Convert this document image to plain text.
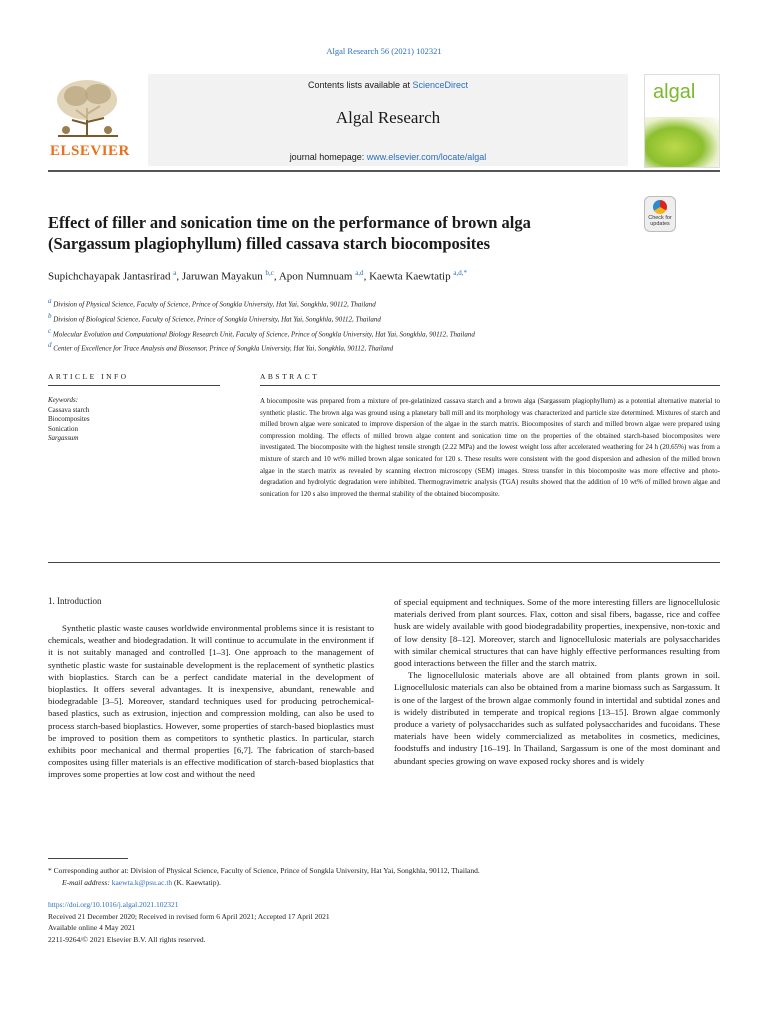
Algal Research 56 (2021) 102321
ELSEVIER
Contents lists available at ScienceDirect
Algal Research
journal homepage: www.elsevier.com/locate/algal
algal
Effect of filler and sonication time on the performance of brown alga (Sargassum plagiophyllum) filled cassava starch biocomposites
Check for updates
Supichchayapak Jantasrirad $^a$, Jaruwan Mayakun $^{b,c}$, Apon Numnuam $^{a,d}$, Kaewta Kaewtatip $^{a,d,*}$
$^a$ Division of Physical Science, Faculty of Science, Prince of Songkla University, Hat Yai, Songkhla, 90112, Thailand
$^b$ Division of Biological Science, Faculty of Science, Prince of Songkla University, Hat Yai, Songkhla, 90112, Thailand
$^c$ Molecular Evolution and Computational Biology Research Unit, Faculty of Science, Prince of Songkla University, Hat Yai, Songkhla, 90112, Thailand
$^d$ Center of Excellence for Trace Analysis and Biosensor, Prince of Songkla University, Hat Yai, Songkhla, 90112, Thailand
ARTICLE INFO	ABSTRACT
Keywords:
Cassava starch
Biocomposites
Sonication
Sargassum
A biocomposite was prepared from a mixture of pre-gelatinized cassava starch and a brown alga (Sargassum plagiophyllum) as a potential alternative material to synthetic plastic. The brown alga was ground using a planetary ball mill and its morphology was characterized and particle size determined. Mixtures of starch and milled brown algae were sonicated to improve dispersion of the algae in the starch matrix. Biocomposites of starch and milled brown algae were prepared using compression molding. The effects of milled brown algae content and sonication time on the properties of the obtained starch-based biocomposites were investigated. The biocomposite with the highest tensile strength (2.22 MPa) and the lowest weight loss after accelerated weathering for 24 h (20.65%) was from a mixture of starch and 10 wt% milled brown algae sonicated for 120 s. These results were consistent with the good dispersion and adhesion of the milled brown algae in the starch matrix as revealed by scanning electron microscopy (SEM) images. Stress transfer in this biocomposite was more effective and photo-degradation and hydrolytic degradation were inhibited. Thermogravimetric analysis (TGA) results showed that the addition of 10 wt% of milled brown algae and sonication for 120 s also improved the thermal stability of the obtained biocomposite.
1. Introduction

Synthetic plastic waste causes worldwide environmental problems since it is resistant to chemicals, weather and biodegradation. It will continue to accumulate in the environment if it is not suitably managed and controlled [1–3]. One approach to the management of synthetic plastic waste for sustainable development is the replacement of synthetic plastics with bioplastics. Starch can be a perfect candidate material in the development of bioplastics. It offers several advantages. It is inexpensive, abundant, renewable and biodegradable [3–5]. Moreover, standard techniques used for producing petrochemical-based plastics, such as extrusion, injection and compression molding, can also be used to process starch-based bioplastics. However, some properties of starch-based bioplastics must be improved to position them as competitors to synthetic plastics. In particular, starch exhibits poor mechanical and thermal properties [6,7]. The fabrication of starch-based composites using filler materials is an effective modification of starch-based bioplastics that improves some properties at low cost and without the need

of special equipment and techniques. Some of the more interesting fillers are lignocellulosic materials derived from plant sources. Flax, cotton and sisal fibers, bagasse, rice and coffee husk are widely available with good biodegradability properties, inexpensive, non-toxic and of low density [8–12]. Moreover, starch and lignocellulosic materials are polysaccharides with similar chemical structures that can have highly effective performances resulting from good interactions between the filler and the starch matrix.

The lignocellulosic materials above are all obtained from plants grown in soil. Lignocellulosic materials can also be obtained from a marine biomass such as Sargassum. It is one of the largest of the brown algae commonly found in intertidal and subtidal zones and is widely distributed in temperate and tropical regions [13–15]. Brown algae commonly produce a variety of polysaccharides such as sulfated polysaccharides and fucoidans. These materials have been widely commercialized as metabolites in cosmetics, medicines, foodstuffs and industry [16–19]. In Thailand, Sargassum is one of the most dominant and abundant species growing on wave exposed rocky shores and is widely

* Corresponding author at: Division of Physical Science, Faculty of Science, Prince of Songkla University, Hat Yai, Songkhla, 90112, Thailand.
E-mail address: kaewta.k@psu.ac.th (K. Kaewtatip).
https://doi.org/10.1016/j.algal.2021.102321
Received 21 December 2020; Received in revised form 6 April 2021; Accepted 17 April 2021
Available online 4 May 2021
2211-9264/© 2021 Elsevier B.V. All rights reserved.
